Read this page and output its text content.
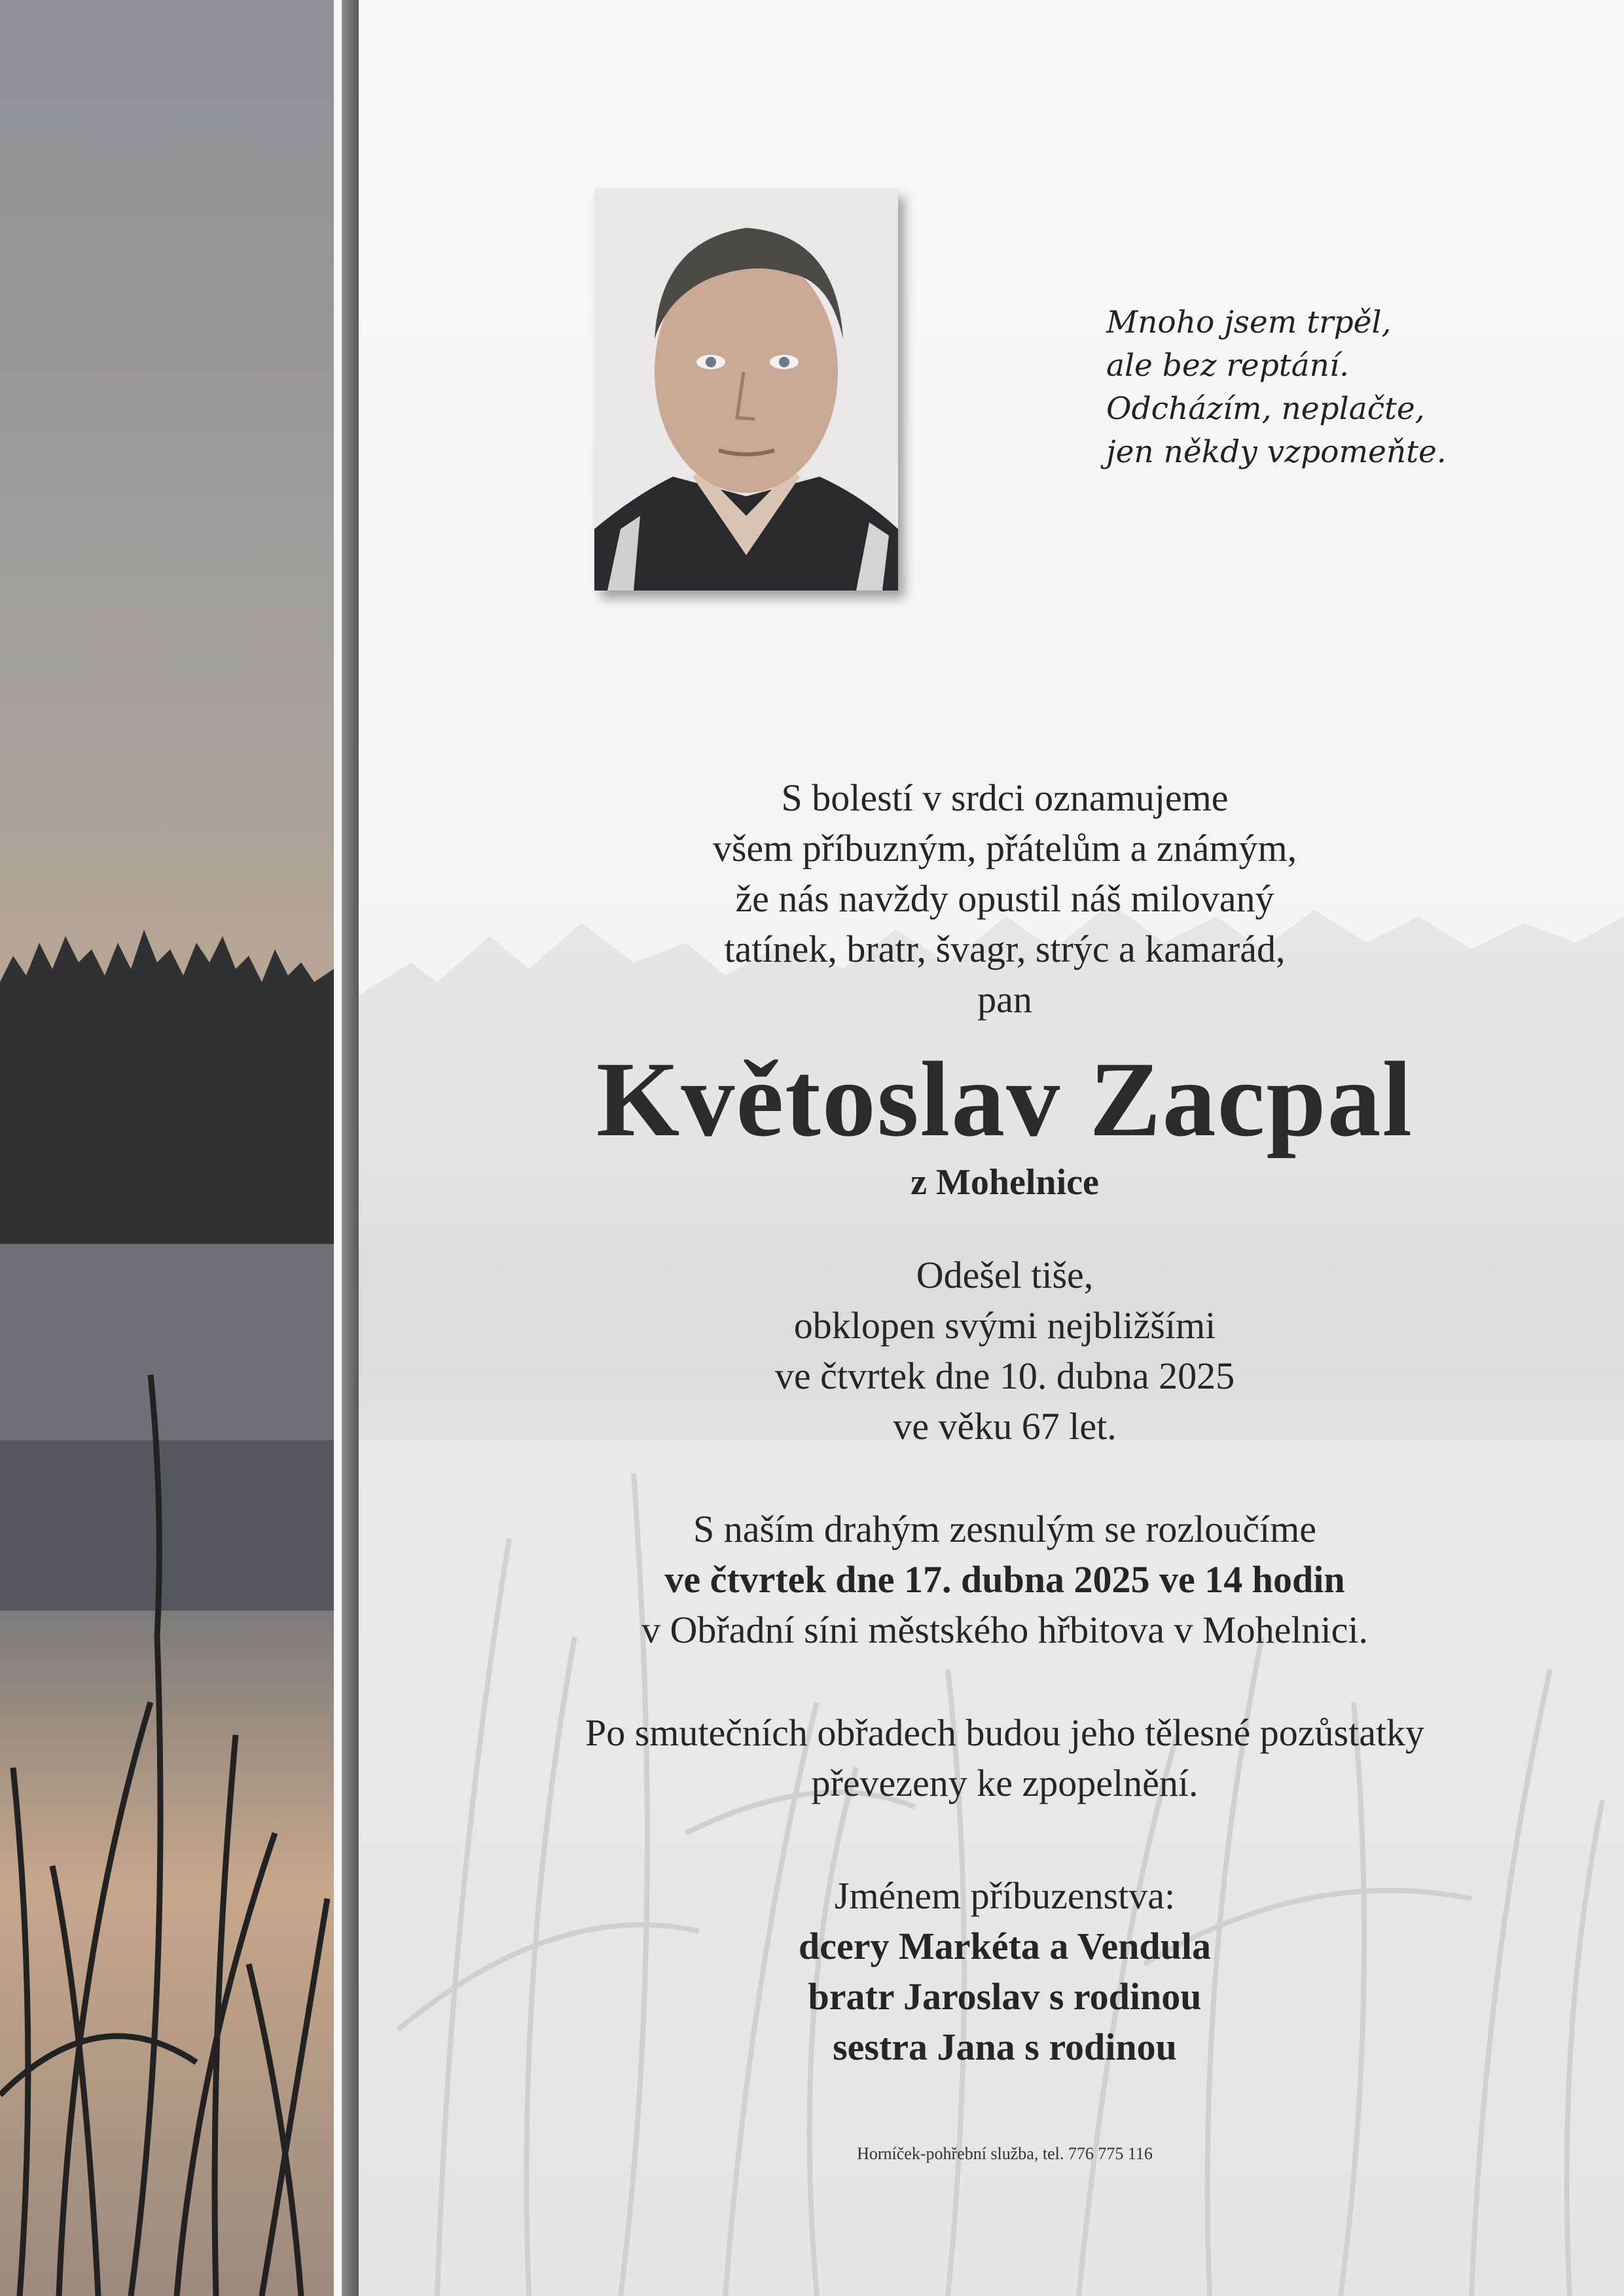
Mnoho jsem trpěl,
ale bez reptání.
Odcházím, neplačte,
jen někdy vzpomeňte.
S bolestí v srdci oznamujeme
všem příbuzným, přátelům a známým,
že nás navždy opustil náš milovaný
tatínek, bratr, švagr, strýc a kamarád,
pan
Květoslav Zacpal
z Mohelnice
Odešel tiše,
obklopen svými nejbližšími
ve čtvrtek dne 10. dubna 2025
ve věku 67 let.
S naším drahým zesnulým se rozloučíme
ve čtvrtek dne 17. dubna 2025 ve 14 hodin
v Obřadní síni městského hřbitova v Mohelnici.
Po smutečních obřadech budou jeho tělesné pozůstatky
převezeny ke zpopelnění.
Jménem příbuzenstva:
dcery Markéta a Vendula
bratr Jaroslav s rodinou
sestra Jana s rodinou
Horníček-pohřební služba, tel. 776 775 116
